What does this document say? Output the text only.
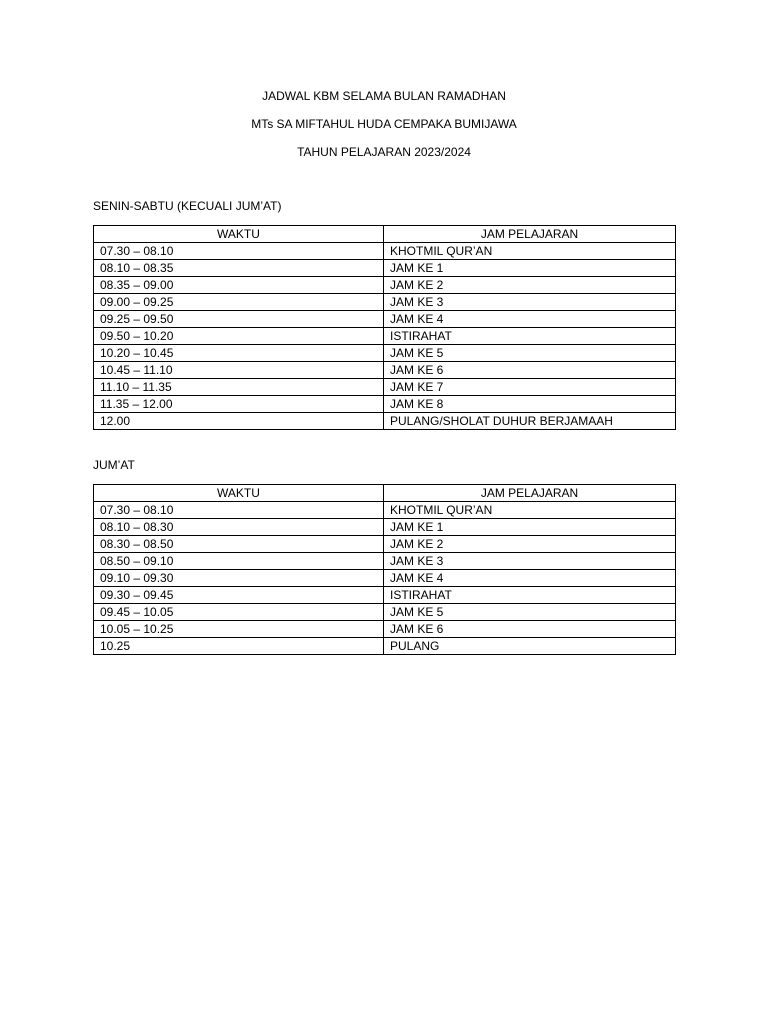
JADWAL KBM SELAMA BULAN RAMADHAN
MTs SA MIFTAHUL HUDA CEMPAKA BUMIJAWA
TAHUN PELAJARAN 2023/2024
SENIN-SABTU (KECUALI JUM’AT)
WAKTU	JAM PELAJARAN
07.30 – 08.10	KHOTMIL QUR’AN
08.10 – 08.35	JAM KE 1
08.35 – 09.00	JAM KE 2
09.00 – 09.25	JAM KE 3
09.25 – 09.50	JAM KE 4
09.50 – 10.20	ISTIRAHAT
10.20 – 10.45	JAM KE 5
10.45 – 11.10	JAM KE 6
11.10 – 11.35	JAM KE 7
11.35 – 12.00	JAM KE 8
12.00	PULANG/SHOLAT DUHUR BERJAMAAH
JUM’AT
WAKTU	JAM PELAJARAN
07.30 – 08.10	KHOTMIL QUR’AN
08.10 – 08.30	JAM KE 1
08.30 – 08.50	JAM KE 2
08.50 – 09.10	JAM KE 3
09.10 – 09.30	JAM KE 4
09.30 – 09.45	ISTIRAHAT
09.45 – 10.05	JAM KE 5
10.05 – 10.25	JAM KE 6
10.25	PULANG
